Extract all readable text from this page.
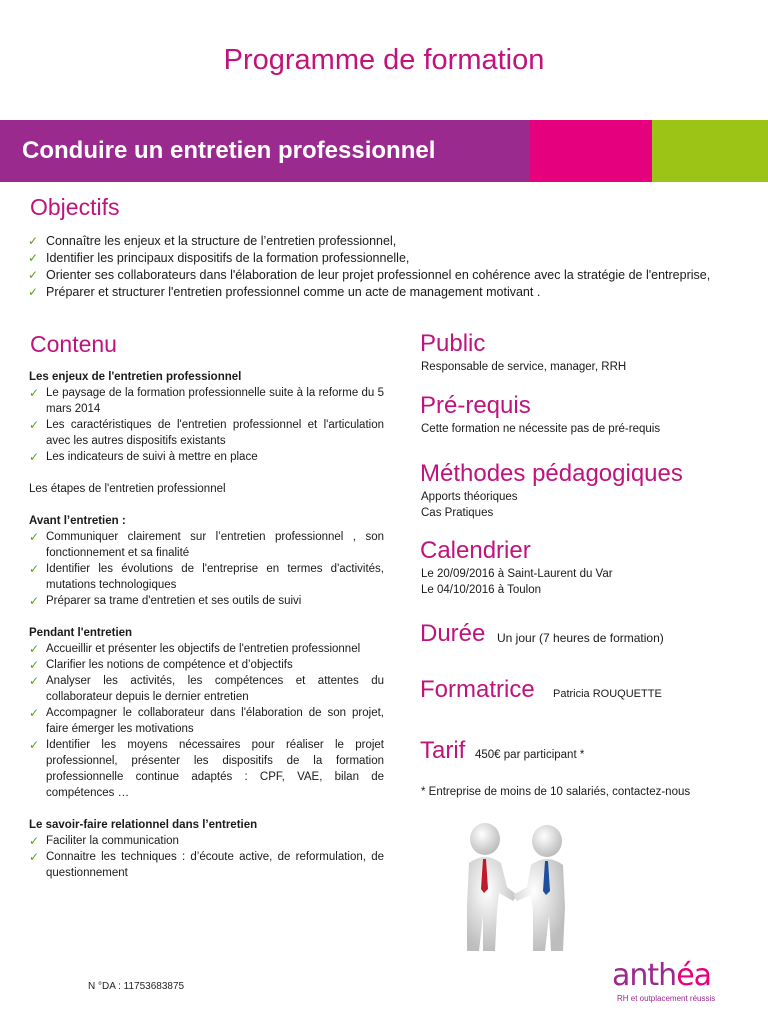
Programme de formation
Conduire un entretien professionnel
Objectifs
✓ Connaître les enjeux et la structure de l’entretien professionnel,
✓ Identifier les principaux dispositifs de la formation professionnelle,
✓ Orienter ses collaborateurs dans l'élaboration de leur projet professionnel en cohérence avec la stratégie de l'entreprise,
✓ Préparer et structurer l'entretien professionnel comme un acte de management motivant .
Contenu

Les enjeux de l'entretien professionnel

✓ Le paysage de la formation professionnelle suite à la reforme du 5 mars 2014
✓ Les caractéristiques de l'entretien professionnel et l'articulation avec les autres dispositifs existants
✓ Les indicateurs de suivi à mettre en place

Les étapes de l'entretien professionnel

Avant l’entretien :

✓ Communiquer clairement sur l’entretien professionnel , son fonctionnement et sa finalité
✓ Identifier les évolutions de l'entreprise en termes d'activités, mutations technologiques
✓ Préparer sa trame d'entretien et ses outils de suivi

Pendant l'entretien

✓ Accueillir et présenter les objectifs de l'entretien professionnel
✓ Clarifier les notions de compétence et d’objectifs
✓ Analyser les activités, les compétences et attentes du collaborateur depuis le dernier entretien
✓ Accompagner le collaborateur dans l'élaboration de son projet, faire émerger les motivations
✓ Identifier les moyens nécessaires pour réaliser le projet professionnel, présenter les dispositifs de la formation professionnelle continue adaptés : CPF, VAE, bilan de compétences …

Le savoir-faire relationnel dans l’entretien

✓ Faciliter la communication
✓ Connaitre les techniques : d’écoute active, de reformulation, de questionnement
Public
Responsable de service, manager, RRH
Pré-requis
Cette formation ne nécessite pas de pré-requis
Méthodes pédagogiques
Apports théoriques
Cas Pratiques
Calendrier
Le 20/09/2016 à Saint-Laurent du Var
Le 04/10/2016 à Toulon
Durée Un jour (7 heures de formation)
Formatrice Patricia ROUQUETTE
Tarif 450€ par participant *
* Entreprise de moins de 10 salariés, contactez-nous
N °DA : 11753683875	anthéa
RH et outplacement réussis
